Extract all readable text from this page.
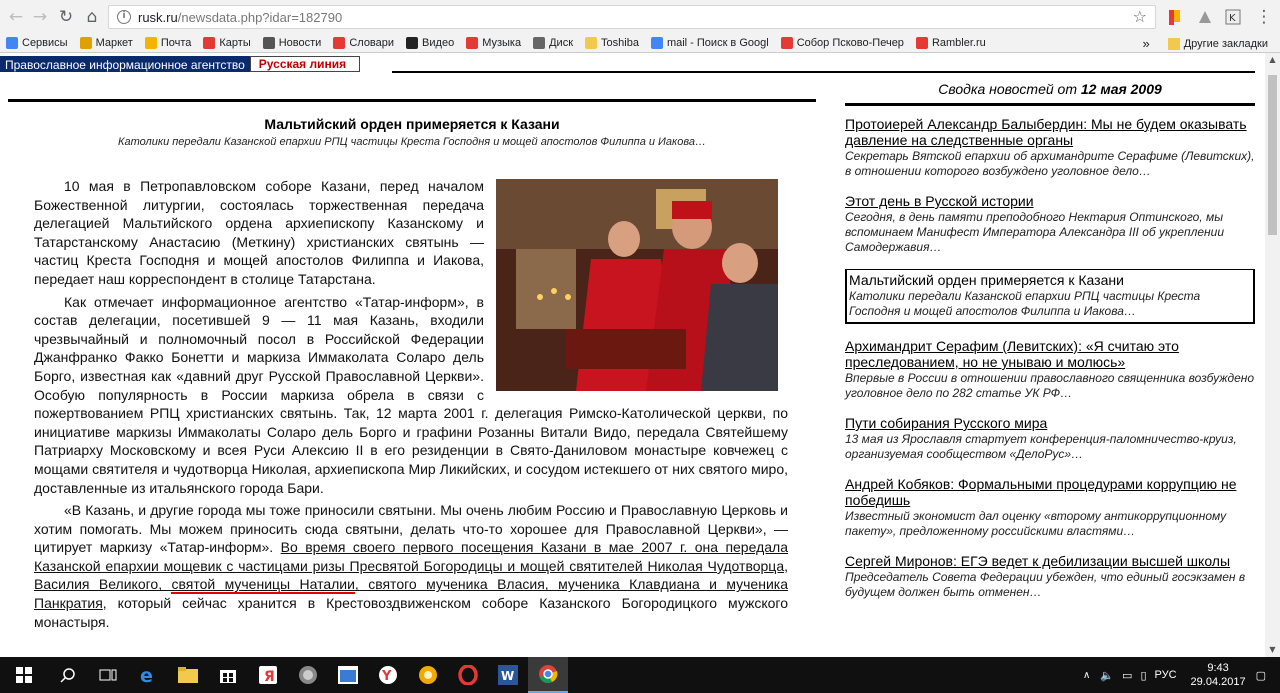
← → ↻ ⌂	i rusk.ru /newsdata.php?idar=182790	☆	K ⋮
Сервисы	Маркет	Почта	Карты	Новости	Словари	Видео	Музыка	Диск	Toshiba	mail - Поиск в Googl	Собор Псково-Печер	Rambler.ru	»	Другие закладки
Православное информационное агентство	Русская линия
Мальтийский орден примеряется к Казани
Католики передали Казанской епархии РПЦ частицы Креста Господня и мощей апостолов Филиппа и Иакова…

10 мая в Петропавловском соборе Казани, перед началом Божественной литургии, состоялась торжественная передача делегацией Мальтийского ордена архиепископу Казанскому и Татарстанскому Анастасию (Меткину) христианских святынь — частиц Креста Господня и мощей апостолов Филиппа и Иакова, передает наш корреспондент в столице Татарстана.

Как отмечает информационное агентство «Татар-информ», в состав делегации, посетившей 9 — 11 мая Казань, входили чрезвычайный и полномочный посол в Российской Федерации Джанфранко Факко Бонетти и маркиза Иммаколата Соларо дель Борго, известная как «давний друг Русской Православной Церкви». Особую популярность в России маркиза обрела в связи с пожертвованием РПЦ христианских святынь. Так, 12 марта 2001 г. делегация Римско-Католической церкви, по инициативе маркизы Иммаколаты Соларо дель Борго и графини Розанны Витали Видо, передала Святейшему Патриарху Московскому и всея Руси Алексию II в его резиденции в Свято-Даниловом монастыре ковчежец с мощами святителя и чудотворца Николая, архиепископа Мир Ликийских, и сосудом истекшего от них святого миро, доставленные из итальянского города Бари.

«В Казань, и другие города мы тоже приносили святыни. Мы очень любим Россию и Православную Церковь и хотим помогать. Мы можем приносить сюда святыни, делать что-то хорошее для Православной Церкви», — цитирует маркизу «Татар-информ». Во время своего первого посещения Казани в мае 2007 г. она передала Казанской епархии мощевик с частицами ризы Пресвятой Богородицы и мощей святителей Николая Чудотворца, Василия Великого, святой мученицы Наталии, святого мученика Власия, мученика Клавдиана и мученика Панкратия, который сейчас хранится в Крестовоздвиженском соборе Казанского Богородицкого мужского монастыря.

Сводка новостей от 12 мая 2009
Протоиерей Александр Балыбердин: Мы не будем оказывать давление на следственные органы
Секретарь Вятской епархии об архимандрите Серафиме (Левитских), в отношении которого возбуждено уголовное дело…
Этот день в Русской истории
Сегодня, в день памяти преподобного Нектария Оптинского, мы вспоминаем Манифест Императора Александра III об укреплении Самодержавия…
Мальтийский орден примеряется к Казани
Католики передали Казанской епархии РПЦ частицы Креста Господня и мощей апостолов Филиппа и Иакова…
Архимандрит Серафим (Левитских): «Я считаю это преследованием, но не унываю и молюсь»
Впервые в России в отношении православного священника возбуждено уголовное дело по 282 статье УК РФ…
Пути собирания Русского мира
13 мая из Ярославля стартует конференция-паломничество-круиз, организуемая сообществом «ДелоРус»…
Андрей Кобяков: Формальными процедурами коррупцию не победишь
Известный экономист дал оценку «второму антикоррупционному пакету», предложенному российскими властями…
Сергей Миронов: ЕГЭ ведет к дебилизации высшей школы
Председатель Совета Федерации убежден, что единый госэкзамен в будущем должен быть отменен…
▲
▼
e	Я	Y	W	∧ 🔈 ▭ ▯ РУС
9:43
29.04.2017
▢
